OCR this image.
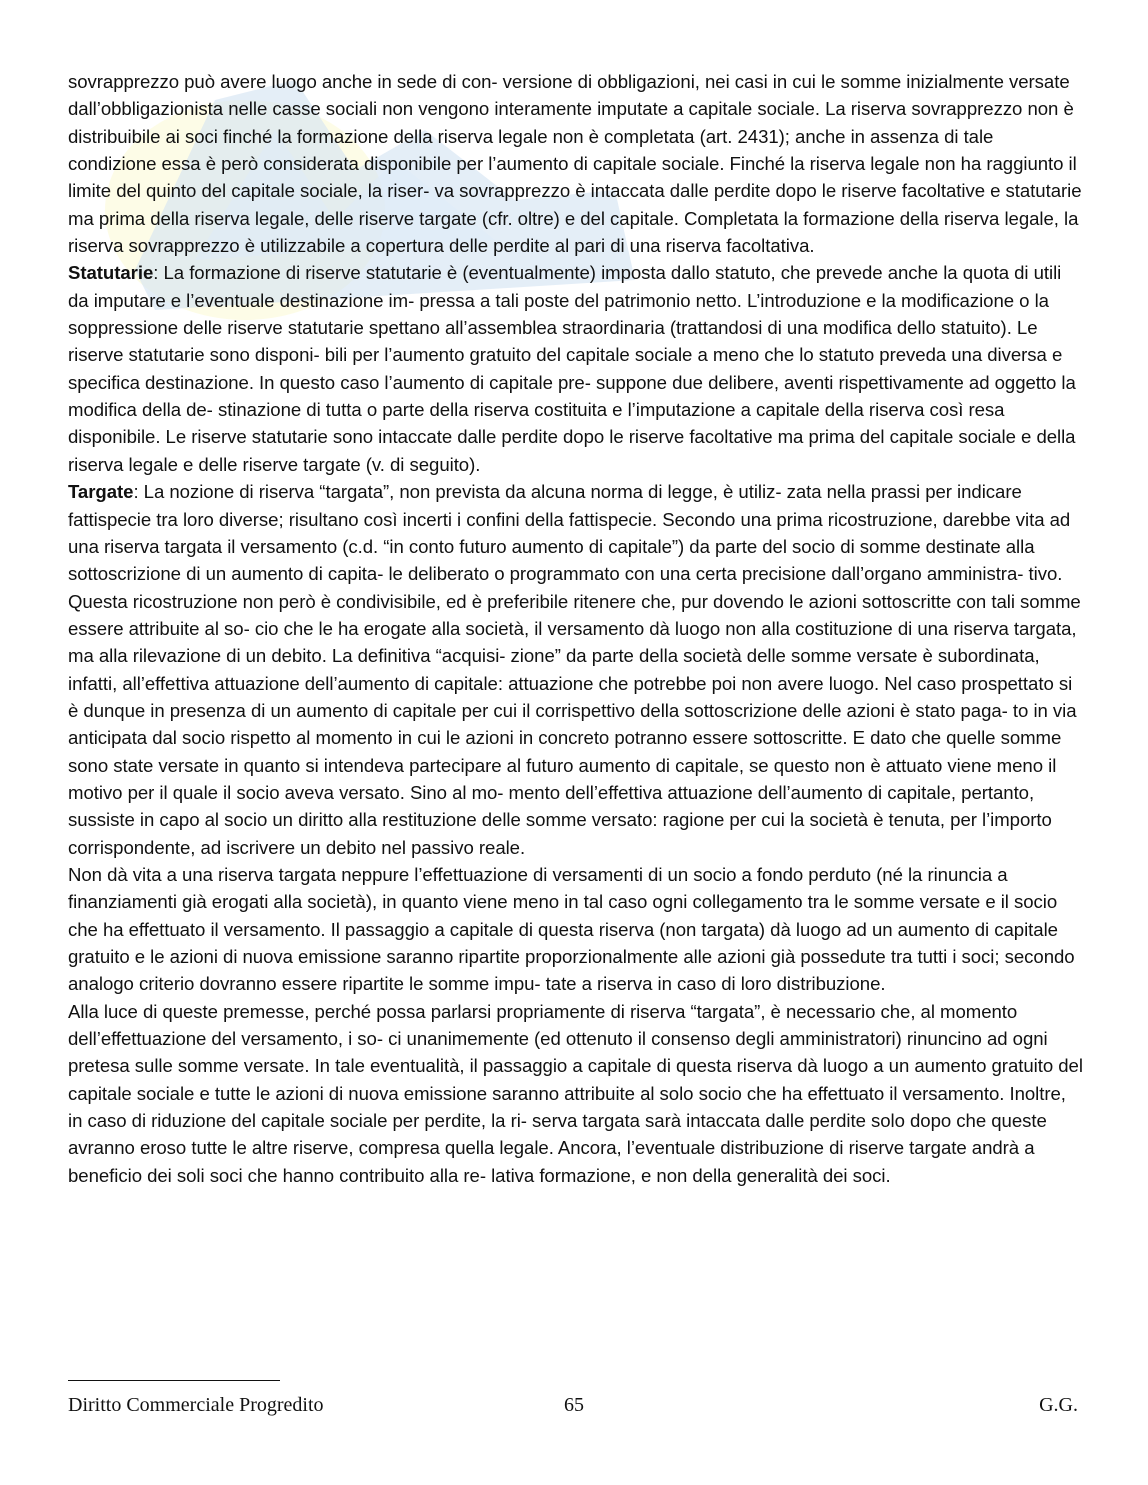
sovrapprezzo può avere luogo anche in sede di con- versione di obbligazioni, nei casi in cui le somme inizialmente versate dall’obbligazionista nelle casse sociali non vengono interamente imputate a capitale sociale. La riserva sovrapprezzo non è distribuibile ai soci finché la formazione della riserva legale non è completata (art. 2431); anche in assenza di tale condizione essa è però considerata disponibile per l’aumento di capitale sociale. Finché la riserva legale non ha raggiunto il limite del quinto del capitale sociale, la riser- va sovrapprezzo è intaccata dalle perdite dopo le riserve facoltative e statutarie ma prima della riserva legale, delle riserve targate (cfr. oltre) e del capitale. Completata la formazione della riserva legale, la riserva sovrapprezzo è utilizzabile a copertura delle perdite al pari di una riserva facoltativa.

Statutarie: La formazione di riserve statutarie è (eventualmente) imposta dallo statuto, che prevede anche la quota di utili da imputare e l’eventuale destinazione im- pressa a tali poste del patrimonio netto. L’introduzione e la modificazione o la soppressione delle riserve statutarie spettano all’assemblea straordinaria (trattandosi di una modifica dello statuito). Le riserve statutarie sono disponi- bili per l’aumento gratuito del capitale sociale a meno che lo statuto preveda una diversa e specifica destinazione. In questo caso l’aumento di capitale pre- suppone due delibere, aventi rispettivamente ad oggetto la modifica della de- stinazione di tutta o parte della riserva costituita e l’imputazione a capitale della riserva così resa disponibile. Le riserve statutarie sono intaccate dalle perdite dopo le riserve facoltative ma prima del capitale sociale e della riserva legale e delle riserve targate (v. di seguito).

Targate: La nozione di riserva “targata”, non prevista da alcuna norma di legge, è utiliz- zata nella prassi per indicare fattispecie tra loro diverse; risultano così incerti i confini della fattispecie. Secondo una prima ricostruzione, darebbe vita ad una riserva targata il versamento (c.d. “in conto futuro aumento di capitale”) da parte del socio di somme destinate alla sottoscrizione di un aumento di capita- le deliberato o programmato con una certa precisione dall’organo amministra- tivo. Questa ricostruzione non però è condivisibile, ed è preferibile ritenere che, pur dovendo le azioni sottoscritte con tali somme essere attribuite al so- cio che le ha erogate alla società, il versamento dà luogo non alla costituzione di una riserva targata, ma alla rilevazione di un debito. La definitiva “acquisi- zione” da parte della società delle somme versate è subordinata, infatti, all’effettiva attuazione dell’aumento di capitale: attuazione che potrebbe poi non avere luogo. Nel caso prospettato si è dunque in presenza di un aumento di capitale per cui il corrispettivo della sottoscrizione delle azioni è stato paga- to in via anticipata dal socio rispetto al momento in cui le azioni in concreto potranno essere sottoscritte. E dato che quelle somme sono state versate in quanto si intendeva partecipare al futuro aumento di capitale, se questo non è attuato viene meno il motivo per il quale il socio aveva versato. Sino al mo- mento dell’effettiva attuazione dell’aumento di capitale, pertanto, sussiste in capo al socio un diritto alla restituzione delle somme versato: ragione per cui la società è tenuta, per l’importo corrispondente, ad iscrivere un debito nel passivo reale.

Non dà vita a una riserva targata neppure l’effettuazione di versamenti di un socio a fondo perduto (né la rinuncia a finanziamenti già erogati alla società), in quanto viene meno in tal caso ogni collegamento tra le somme versate e il socio che ha effettuato il versamento. Il passaggio a capitale di questa riserva (non targata) dà luogo ad un aumento di capitale gratuito e le azioni di nuova emissione saranno ripartite proporzionalmente alle azioni già possedute tra tutti i soci; secondo analogo criterio dovranno essere ripartite le somme impu- tate a riserva in caso di loro distribuzione.

Alla luce di queste premesse, perché possa parlarsi propriamente di riserva “targata”, è necessario che, al momento dell’effettuazione del versamento, i so- ci unanimemente (ed ottenuto il consenso degli amministratori) rinuncino ad ogni pretesa sulle somme versate. In tale eventualità, il passaggio a capitale di questa riserva dà luogo a un aumento gratuito del capitale sociale e tutte le azioni di nuova emissione saranno attribuite al solo socio che ha effettuato il versamento. Inoltre, in caso di riduzione del capitale sociale per perdite, la ri- serva targata sarà intaccata dalle perdite solo dopo che queste avranno eroso tutte le altre riserve, compresa quella legale. Ancora, l’eventuale distribuzione di riserve targate andrà a beneficio dei soli soci che hanno contribuito alla re- lativa formazione, e non della generalità dei soci.

Diritto Commerciale Progredito	65	G.G.
